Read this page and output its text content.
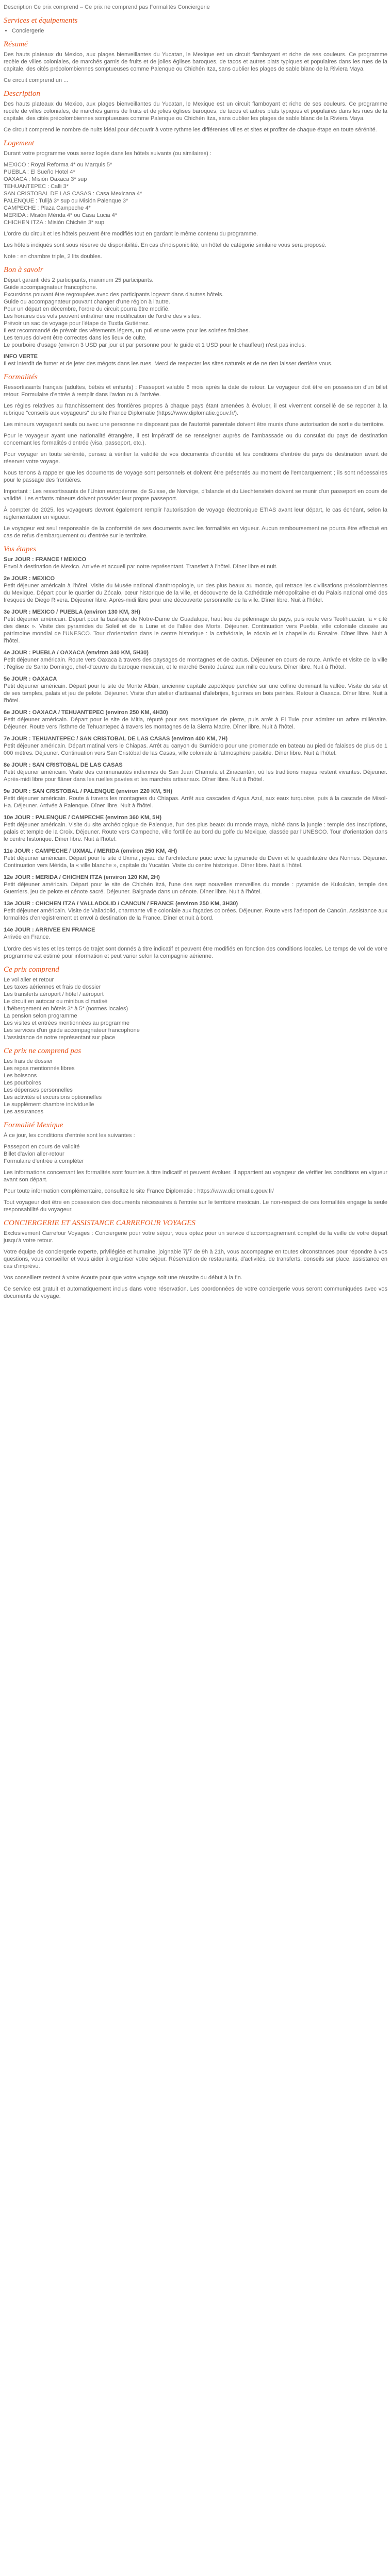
Description Ce prix comprend – Ce prix ne comprend pas Formalités Conciergerie
Services et équipements
• Conciergerie
Résumé

Des hauts plateaux du Mexico, aux plages bienveillantes du Yucatan, le Mexique est un circuit flamboyant et riche de ses couleurs. Ce programme recèle de villes coloniales, de marchés garnis de fruits et de jolies églises baroques, de tacos et autres plats typiques et populaires dans les rues de la capitale, des cités précolombiennes somptueuses comme Palenque ou Chichén Itza, sans oublier les plages de sable blanc de la Riviera Maya.

Ce circuit comprend un ...

Description

Des hauts plateaux du Mexico, aux plages bienveillantes du Yucatan, le Mexique est un circuit flamboyant et riche de ses couleurs. Ce programme recèle de villes coloniales, de marchés garnis de fruits et de jolies églises baroques, de tacos et autres plats typiques et populaires dans les rues de la capitale, des cités précolombiennes somptueuses comme Palenque ou Chichén Itza, sans oublier les plages de sable blanc de la Riviera Maya.

Ce circuit comprend le nombre de nuits idéal pour découvrir à votre rythme les différentes villes et sites et profiter de chaque étape en toute sérénité.

Logement

Durant votre programme vous serez logés dans les hôtels suivants (ou similaires) :

MEXICO : Royal Reforma 4* ou Marquis 5*
PUEBLA : El Sueño Hotel 4*
OAXACA : Misión Oaxaca 3* sup
TEHUANTEPEC : Calli 3*
SAN CRISTOBAL DE LAS CASAS : Casa Mexicana 4*
PALENQUE : Tulijá 3* sup ou Misión Palenque 3*
CAMPECHE : Plaza Campeche 4*
MERIDA : Misión Mérida 4* ou Casa Lucia 4*
CHICHEN ITZA : Misión Chichén 3* sup

L'ordre du circuit et les hôtels peuvent être modifiés tout en gardant le même contenu du programme.

Les hôtels indiqués sont sous réserve de disponibilité. En cas d'indisponibilité, un hôtel de catégorie similaire vous sera proposé.

Note : en chambre triple, 2 lits doubles.

Bon à savoir
Départ garanti dès 2 participants, maximum 25 participants.
Guide accompagnateur francophone.
Excursions pouvant être regroupées avec des participants logeant dans d'autres hôtels.
Guide ou accompagnateur pouvant changer d'une région à l'autre.
Pour un départ en décembre, l'ordre du circuit pourra être modifié.
Les horaires des vols peuvent entraîner une modification de l'ordre des visites.
Prévoir un sac de voyage pour l'étape de Tuxtla Gutiérrez.
Il est recommandé de prévoir des vêtements légers, un pull et une veste pour les soirées fraîches.
Les tenues doivent être correctes dans les lieux de culte.
Le pourboire d'usage (environ 3 USD par jour et par personne pour le guide et 1 USD pour le chauffeur) n'est pas inclus.
INFO VERTE

Il est interdit de fumer et de jeter des mégots dans les rues. Merci de respecter les sites naturels et de ne rien laisser derrière vous.

Formalités

Ressortissants français (adultes, bébés et enfants) : Passeport valable 6 mois après la date de retour. Le voyageur doit être en possession d'un billet retour. Formulaire d'entrée à remplir dans l'avion ou à l'arrivée.

Les règles relatives au franchissement des frontières propres à chaque pays étant amenées à évoluer, il est vivement conseillé de se reporter à la rubrique "conseils aux voyageurs" du site France Diplomatie (https://www.diplomatie.gouv.fr/).

Les mineurs voyageant seuls ou avec une personne ne disposant pas de l'autorité parentale doivent être munis d'une autorisation de sortie du territoire.

Pour le voyageur ayant une nationalité étrangère, il est impératif de se renseigner auprès de l'ambassade ou du consulat du pays de destination concernant les formalités d'entrée (visa, passeport, etc.).

Pour voyager en toute sérénité, pensez à vérifier la validité de vos documents d'identité et les conditions d'entrée du pays de destination avant de réserver votre voyage.

Nous tenons à rappeler que les documents de voyage sont personnels et doivent être présentés au moment de l'embarquement ; ils sont nécessaires pour le passage des frontières.

Important : Les ressortissants de l'Union européenne, de Suisse, de Norvège, d'Islande et du Liechtenstein doivent se munir d'un passeport en cours de validité. Les enfants mineurs doivent posséder leur propre passeport.

À compter de 2025, les voyageurs devront également remplir l'autorisation de voyage électronique ETIAS avant leur départ, le cas échéant, selon la réglementation en vigueur.

Le voyageur est seul responsable de la conformité de ses documents avec les formalités en vigueur. Aucun remboursement ne pourra être effectué en cas de refus d'embarquement ou d'entrée sur le territoire.

Vos étapes
Sur JOUR : FRANCE / MEXICO
Envol à destination de Mexico. Arrivée et accueil par notre représentant. Transfert à l'hôtel. Dîner libre et nuit.
2e JOUR : MEXICO
Petit déjeuner américain à l'hôtel. Visite du Musée national d'anthropologie, un des plus beaux au monde, qui retrace les civilisations précolombiennes du Mexique. Départ pour le quartier du Zócalo, cœur historique de la ville, et découverte de la Cathédrale métropolitaine et du Palais national orné des fresques de Diego Rivera. Déjeuner libre. Après-midi libre pour une découverte personnelle de la ville. Dîner libre. Nuit à l'hôtel.
3e JOUR : MEXICO / PUEBLA (environ 130 KM, 3H)
Petit déjeuner américain. Départ pour la basilique de Notre-Dame de Guadalupe, haut lieu de pèlerinage du pays, puis route vers Teotihuacán, la « cité des dieux ». Visite des pyramides du Soleil et de la Lune et de l'allée des Morts. Déjeuner. Continuation vers Puebla, ville coloniale classée au patrimoine mondial de l'UNESCO. Tour d'orientation dans le centre historique : la cathédrale, le zócalo et la chapelle du Rosaire. Dîner libre. Nuit à l'hôtel.
4e JOUR : PUEBLA / OAXACA (environ 340 KM, 5H30)
Petit déjeuner américain. Route vers Oaxaca à travers des paysages de montagnes et de cactus. Déjeuner en cours de route. Arrivée et visite de la ville : l'église de Santo Domingo, chef-d'œuvre du baroque mexicain, et le marché Benito Juárez aux mille couleurs. Dîner libre. Nuit à l'hôtel.
5e JOUR : OAXACA
Petit déjeuner américain. Départ pour le site de Monte Albán, ancienne capitale zapotèque perchée sur une colline dominant la vallée. Visite du site et de ses temples, palais et jeu de pelote. Déjeuner. Visite d'un atelier d'artisanat d'alebrijes, figurines en bois peintes. Retour à Oaxaca. Dîner libre. Nuit à l'hôtel.
6e JOUR : OAXACA / TEHUANTEPEC (environ 250 KM, 4H30)
Petit déjeuner américain. Départ pour le site de Mitla, réputé pour ses mosaïques de pierre, puis arrêt à El Tule pour admirer un arbre millénaire. Déjeuner. Route vers l'isthme de Tehuantepec à travers les montagnes de la Sierra Madre. Dîner libre. Nuit à l'hôtel.
7e JOUR : TEHUANTEPEC / SAN CRISTOBAL DE LAS CASAS (environ 400 KM, 7H)
Petit déjeuner américain. Départ matinal vers le Chiapas. Arrêt au canyon du Sumidero pour une promenade en bateau au pied de falaises de plus de 1 000 mètres. Déjeuner. Continuation vers San Cristóbal de las Casas, ville coloniale à l'atmosphère paisible. Dîner libre. Nuit à l'hôtel.
8e JOUR : SAN CRISTOBAL DE LAS CASAS
Petit déjeuner américain. Visite des communautés indiennes de San Juan Chamula et Zinacantán, où les traditions mayas restent vivantes. Déjeuner. Après-midi libre pour flâner dans les ruelles pavées et les marchés artisanaux. Dîner libre. Nuit à l'hôtel.
9e JOUR : SAN CRISTOBAL / PALENQUE (environ 220 KM, 5H)
Petit déjeuner américain. Route à travers les montagnes du Chiapas. Arrêt aux cascades d'Agua Azul, aux eaux turquoise, puis à la cascade de Misol-Ha. Déjeuner. Arrivée à Palenque. Dîner libre. Nuit à l'hôtel.
10e JOUR : PALENQUE / CAMPECHE (environ 360 KM, 5H)
Petit déjeuner américain. Visite du site archéologique de Palenque, l'un des plus beaux du monde maya, niché dans la jungle : temple des Inscriptions, palais et temple de la Croix. Déjeuner. Route vers Campeche, ville fortifiée au bord du golfe du Mexique, classée par l'UNESCO. Tour d'orientation dans le centre historique. Dîner libre. Nuit à l'hôtel.
11e JOUR : CAMPECHE / UXMAL / MERIDA (environ 250 KM, 4H)
Petit déjeuner américain. Départ pour le site d'Uxmal, joyau de l'architecture puuc avec la pyramide du Devin et le quadrilatère des Nonnes. Déjeuner. Continuation vers Mérida, la « ville blanche », capitale du Yucatán. Visite du centre historique. Dîner libre. Nuit à l'hôtel.
12e JOUR : MERIDA / CHICHEN ITZA (environ 120 KM, 2H)
Petit déjeuner américain. Départ pour le site de Chichén Itzá, l'une des sept nouvelles merveilles du monde : pyramide de Kukulcán, temple des Guerriers, jeu de pelote et cénote sacré. Déjeuner. Baignade dans un cénote. Dîner libre. Nuit à l'hôtel.
13e JOUR : CHICHEN ITZA / VALLADOLID / CANCUN / FRANCE (environ 250 KM, 3H30)
Petit déjeuner américain. Visite de Valladolid, charmante ville coloniale aux façades colorées. Déjeuner. Route vers l'aéroport de Cancún. Assistance aux formalités d'enregistrement et envol à destination de la France. Dîner et nuit à bord.
14e JOUR : ARRIVEE EN FRANCE
Arrivée en France.

L'ordre des visites et les temps de trajet sont donnés à titre indicatif et peuvent être modifiés en fonction des conditions locales. Le temps de vol de votre programme est estimé pour information et peut varier selon la compagnie aérienne.

Ce prix comprend
Le vol aller et retour
Les taxes aériennes et frais de dossier
Les transferts aéroport / hôtel / aéroport
Le circuit en autocar ou minibus climatisé
L'hébergement en hôtels 3* à 5* (normes locales)
La pension selon programme
Les visites et entrées mentionnées au programme
Les services d'un guide accompagnateur francophone
L'assistance de notre représentant sur place
Ce prix ne comprend pas
Les frais de dossier
Les repas mentionnés libres
Les boissons
Les pourboires
Les dépenses personnelles
Les activités et excursions optionnelles
Le supplément chambre individuelle
Les assurances
Formalité Mexique

À ce jour, les conditions d'entrée sont les suivantes :

Passeport en cours de validité
Billet d'avion aller-retour
Formulaire d'entrée à compléter

Les informations concernant les formalités sont fournies à titre indicatif et peuvent évoluer. Il appartient au voyageur de vérifier les conditions en vigueur avant son départ.

Pour toute information complémentaire, consultez le site France Diplomatie : https://www.diplomatie.gouv.fr/

Tout voyageur doit être en possession des documents nécessaires à l'entrée sur le territoire mexicain. Le non-respect de ces formalités engage la seule responsabilité du voyageur.

CONCIERGERIE ET ASSISTANCE CARREFOUR VOYAGES

Exclusivement Carrefour Voyages : Conciergerie pour votre séjour, vous optez pour un service d'accompagnement complet de la veille de votre départ jusqu'à votre retour.

Votre équipe de conciergerie experte, privilégiée et humaine, joignable 7j/7 de 9h à 21h, vous accompagne en toutes circonstances pour répondre à vos questions, vous conseiller et vous aider à organiser votre séjour. Réservation de restaurants, d'activités, de transferts, conseils sur place, assistance en cas d'imprévu.

Vos conseillers restent à votre écoute pour que votre voyage soit une réussite du début à la fin.

Ce service est gratuit et automatiquement inclus dans votre réservation. Les coordonnées de votre conciergerie vous seront communiquées avec vos documents de voyage.
